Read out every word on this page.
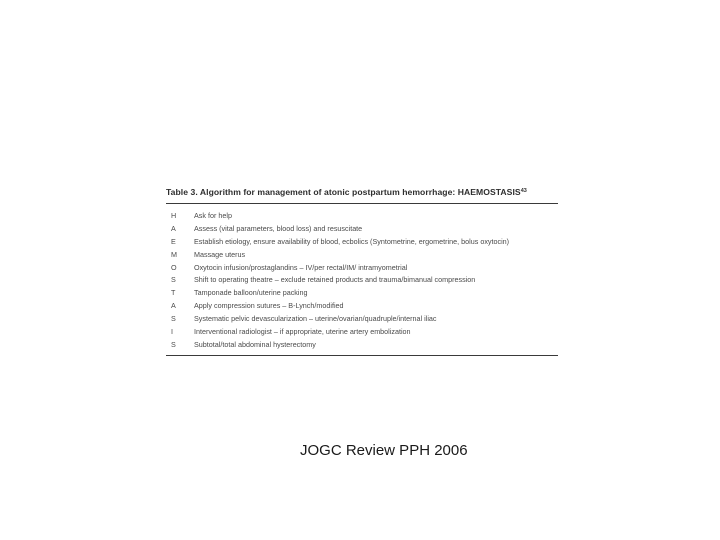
Table 3. Algorithm for management of atonic postpartum hemorrhage: HAEMOSTASIS$^{43}$
H	Ask for help
A	Assess (vital parameters, blood loss) and resuscitate
E	Establish etiology, ensure availability of blood, ecbolics (Syntometrine, ergometrine, bolus oxytocin)
M	Massage uterus
O	Oxytocin infusion/prostaglandins – IV/per rectal/IM/ intramyometrial
S	Shift to operating theatre – exclude retained products and trauma/bimanual compression
T	Tamponade balloon/uterine packing
A	Apply compression sutures – B-Lynch/modified
S	Systematic pelvic devascularization – uterine/ovarian/quadruple/internal iliac
I	Interventional radiologist – if appropriate, uterine artery embolization
S	Subtotal/total abdominal hysterectomy
JOGC Review PPH 2006
